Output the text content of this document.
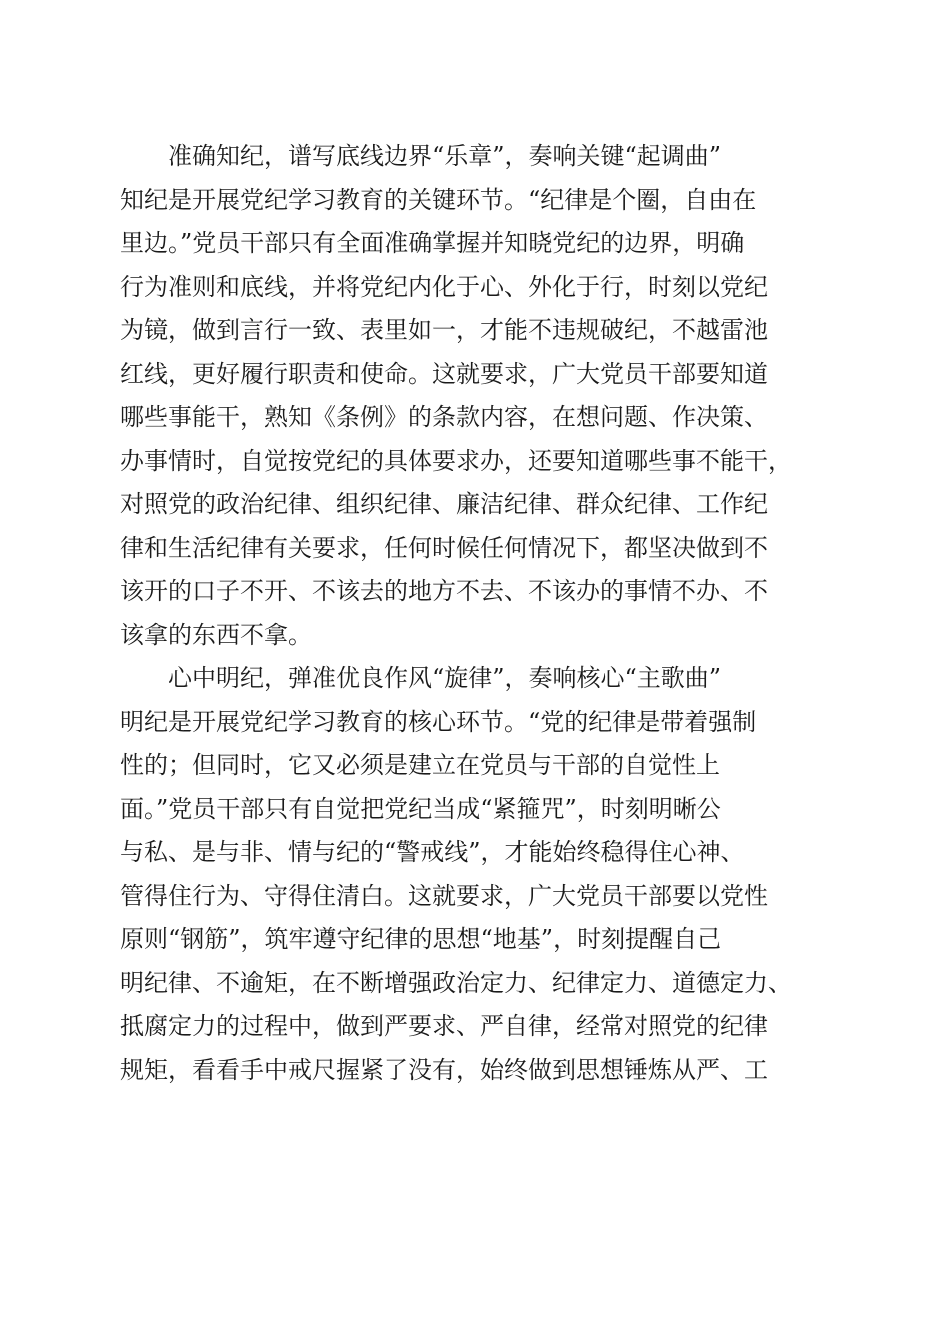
准确知纪，谱写底线边界“乐章”，奏响关键“起调曲”
知纪是开展党纪学习教育的关键环节。“纪律是个圈，自由在
里边。”党员干部只有全面准确掌握并知晓党纪的边界，明确
行为准则和底线，并将党纪内化于心、外化于行，时刻以党纪
为镜，做到言行一致、表里如一，才能不违规破纪，不越雷池
红线，更好履行职责和使命。这就要求，广大党员干部要知道
哪些事能干，熟知《条例》的条款内容，在想问题、作决策、
办事情时，自觉按党纪的具体要求办，还要知道哪些事不能干，
对照党的政治纪律、组织纪律、廉洁纪律、群众纪律、工作纪
律和生活纪律有关要求，任何时候任何情况下，都坚决做到不
该开的口子不开、不该去的地方不去、不该办的事情不办、不
该拿的东西不拿。
心中明纪，弹准优良作风“旋律”，奏响核心“主歌曲”
明纪是开展党纪学习教育的核心环节。“党的纪律是带着强制
性的；但同时，它又必须是建立在党员与干部的自觉性上
面。”党员干部只有自觉把党纪当成“紧箍咒”，时刻明晰公
与私、是与非、情与纪的“警戒线”，才能始终稳得住心神、
管得住行为、守得住清白。这就要求，广大党员干部要以党性
原则“钢筋”，筑牢遵守纪律的思想“地基”，时刻提醒自己
明纪律、不逾矩，在不断增强政治定力、纪律定力、道德定力、
抵腐定力的过程中，做到严要求、严自律，经常对照党的纪律
规矩，看看手中戒尺握紧了没有，始终做到思想锤炼从严、工
